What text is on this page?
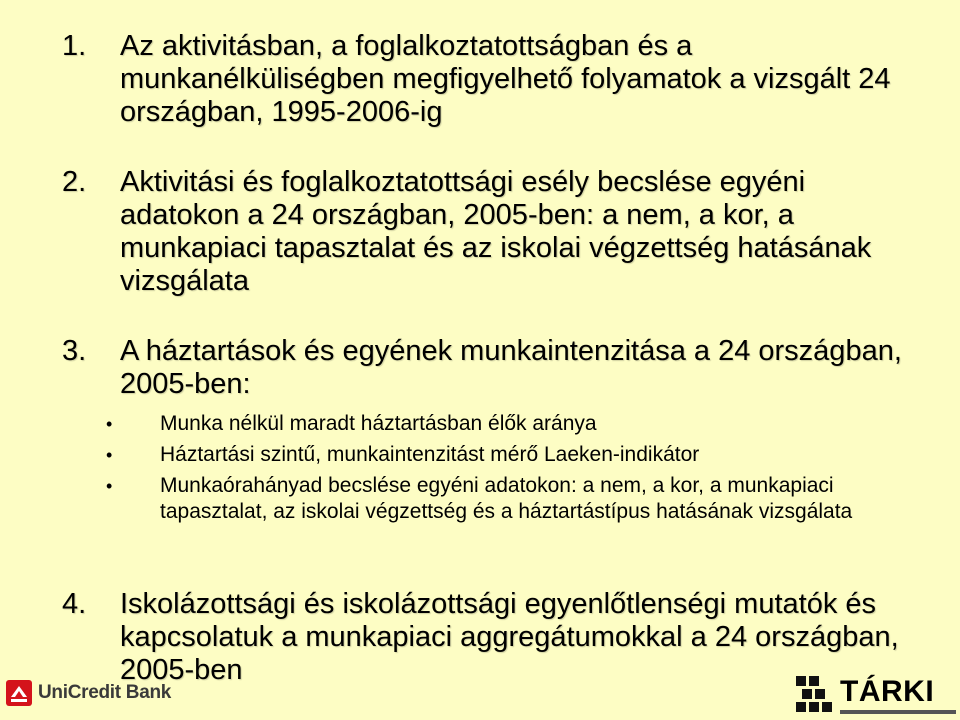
1. Az aktivitásban, a foglalkoztatottságban és a munkanélküliségben megfigyelhető folyamatok a vizsgált 24 országban, 1995-2006-ig
2. Aktivitási és foglalkoztatottsági esély becslése egyéni adatokon a 24 országban, 2005-ben: a nem, a kor, a munkapiaci tapasztalat és az iskolai végzettség hatásának vizsgálata
3. A háztartások és egyének munkaintenzitása a 24 országban, 2005-ben:
• Munka nélkül maradt háztartásban élők aránya
• Háztartási szintű, munkaintenzitást mérő Laeken-indikátor
• Munkaórahányad becslése egyéni adatokon: a nem, a kor, a munkapiaci tapasztalat, az iskolai végzettség és a háztartástípus hatásának vizsgálata
4. Iskolázottsági és iskolázottsági egyenlőtlenségi mutatók és kapcsolatuk a munkapiaci aggregátumokkal a 24 országban, 2005-ben
UniCredit Bank	TÁRKI
